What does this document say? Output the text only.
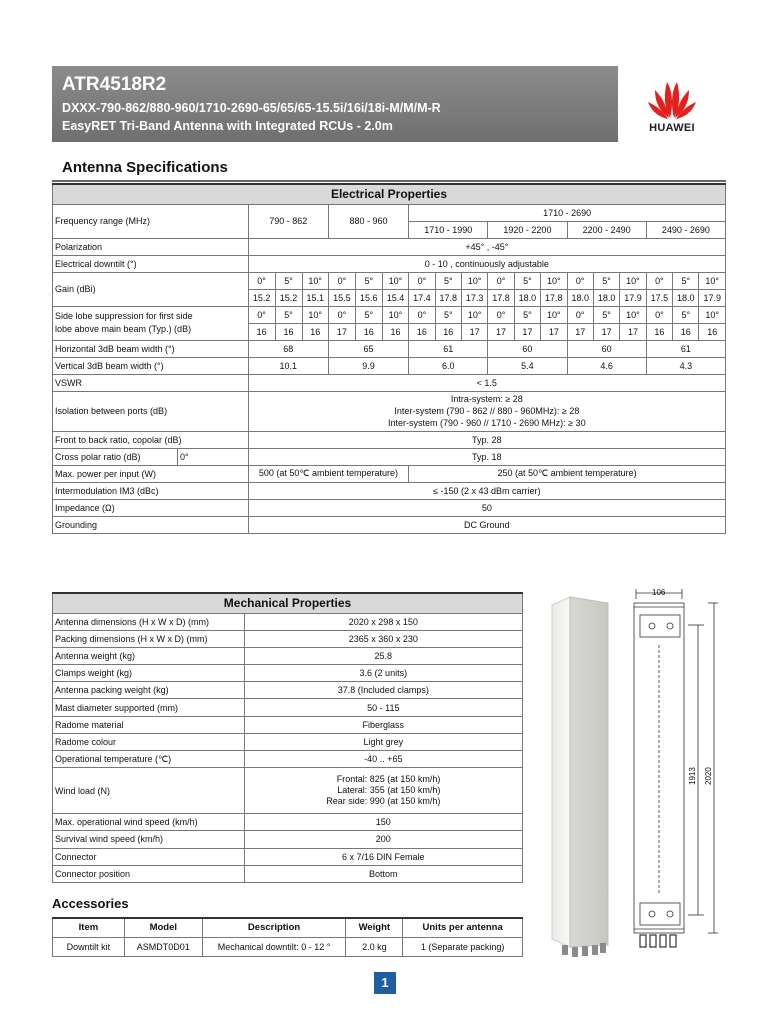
ATR4518R2
DXXX-790-862/880-960/1710-2690-65/65/65-15.5i/16i/18i-M/M/M-R
EasyRET Tri-Band Antenna with Integrated RCUs - 2.0m	HUAWEI
Antenna Specifications
Electrical Properties																		
Frequency range (MHz)	790 - 862			880 - 960			1710 - 2690											
							1710 - 1990			1920 - 2200			2200 - 2490			2490 - 2690		
Polarization	+45° , -45°																	
Electrical downtilt (°)	0 - 10 , continuously adjustable																	
Gain (dBi)	0°	5°	10°	0°	5°	10°	0°	5°	10°	0°	5°	10°	0°	5°	10°	0°	5°	10°
	15.2	15.2	15.1	15.5	15.6	15.4	17.4	17.8	17.3	17.8	18.0	17.8	18.0	18.0	17.9	17.5	18.0	17.9

Side lobe suppression for first side
lobe above main beam (Typ.) (dB)	0°	5°	10°	0°	5°	10°	0°	5°	10°	0°	5°	10°	0°	5°	10°	0°	5°	10°
	16	16	16	17	16	16	16	16	17	17	17	17	17	17	17	16	16	16
Horizontal 3dB beam width (°)	68			65			61			60			60			61		
Vertical 3dB beam width (°)	10.1			9.9			6.0			5.4			4.6			4.3		
VSWR	< 1.5																	
Isolation between ports (dB)	Intra-system: ≥ 28
Inter-system (790 - 862 // 880 - 960MHz): ≥ 28
Inter-system (790 - 960 // 1710 - 2690 MHz): ≥ 30																	

Front to back ratio, copolar (dB)	Typ. 28																	

Cross polar ratio (dB) 0°	Typ. 18																	
Max. power per input (W)	500 (at 50℃ ambient temperature)						250 (at 50℃ ambient temperature)											
Intermodulation IM3 (dBc)	≤ -150 (2 x 43 dBm carrier)																	
Impedance (Ω)	50																	
Grounding	DC Ground																	
Mechanical Properties	
Antenna dimensions (H x W x D) (mm)	2020 x 298 x 150
Packing dimensions (H x W x D) (mm)	2365 x 360 x 230
Antenna weight (kg)	25.8
Clamps weight (kg)	3.6 (2 units)
Antenna packing weight (kg)	37.8 (Included clamps)
Mast diameter supported (mm)	50 - 115
Radome material	Fiberglass
Radome colour	Light grey
Operational temperature (℃)	-40 .. +65
Wind load (N)	Frontal: 825 (at 150 km/h)
Lateral: 355 (at 150 km/h)
Rear side: 990 (at 150 km/h)

Max. operational wind speed (km/h)	150
Survival wind speed (km/h)	200
Connector	6 x 7/16 DIN Female
Connector position	Bottom
Accessories
Item	Model	Description	Weight	Units per antenna
Downtilt kit	ASMDT0D01	Mechanical downtilt: 0 - 12 °	2.0 kg	1 (Separate packing)
106
1913 2020
1
